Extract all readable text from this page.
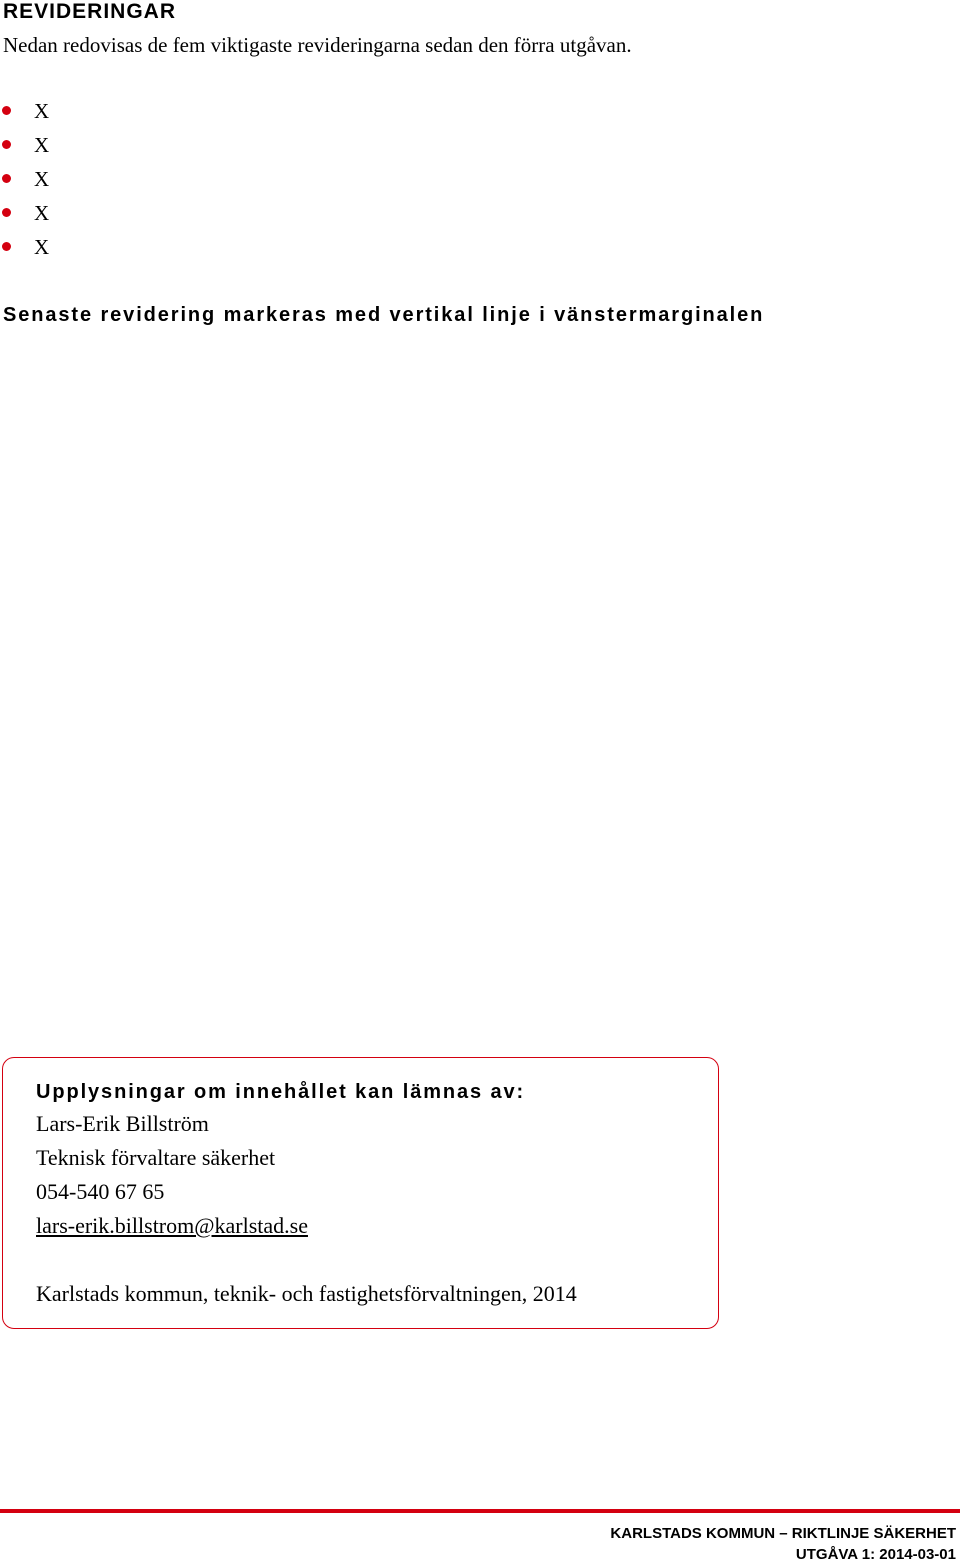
REVIDERINGAR
Nedan redovisas de fem viktigaste revideringarna sedan den förra utgåvan.
X
X
X
X
X
Senaste revidering markeras med vertikal linje i vänstermarginalen
Upplysningar om innehållet kan lämnas av:
Lars-Erik Billström
Teknisk förvaltare säkerhet
054-540 67 65
lars-erik.billstrom@karlstad.se
Karlstads kommun, teknik- och fastighetsförvaltningen, 2014
KARLSTADS KOMMUN – RIKTLINJE SÄKERHET
UTGÅVA 1: 2014-03-01
